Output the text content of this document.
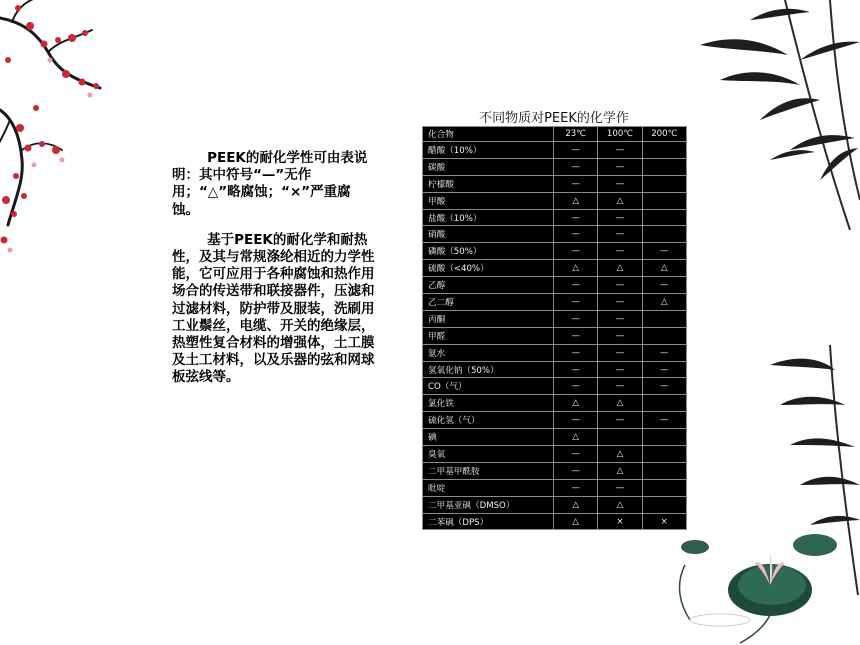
PEEK的耐化学性可由表说明：其中符号“—”无作用；“△”略腐蚀；“×”严重腐蚀。

基于PEEK的耐化学和耐热性，及其与常规涤纶相近的力学性能，它可应用于各种腐蚀和热作用场合的传送带和联接器件，压滤和过滤材料，防护带及服装，洗刷用工业鬃丝，电缆、开关的绝缘层，热塑性复合材料的增强体，土工膜及土工材料，以及乐器的弦和网球板弦线等。

不同物质对PEEK的化学作
化合物	23℃	100℃	200℃
醋酸（10%）	—	—	
碳酸	—	—	
柠檬酸	—	—	
甲酸	△	△	
盐酸（10%）	—	—	
硝酸	—	—	
磷酸（50%）	—	—	—
硫酸（<40%）	△	△	△
乙醇	—	—	—
乙二醇	—	—	△
丙酮	—	—	
甲醛	—	—	
氨水	—	—	—
氢氧化钠（50%）	—	—	—
CO（气）	—	—	—
氯化铁	△	△	
硫化氢（气）	—	—	—
碘	△		
臭氧	—	△	
二甲基甲酰胺	—	△	
吡啶	—	—	
二甲基亚砜（DMSO）	△	△	
二苯砜（DPS）	△	×	×
